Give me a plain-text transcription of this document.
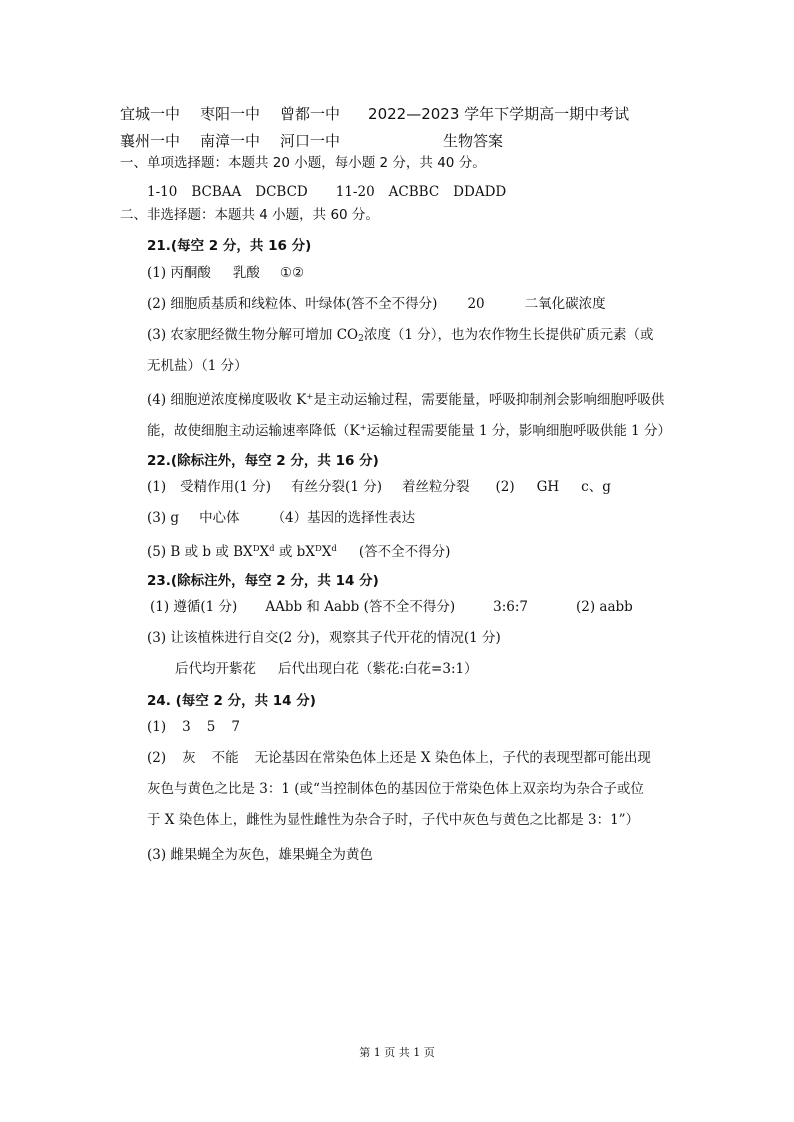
宜城一中 枣阳一中 曾都一中 2022—2023 学年下学期高一期中考试
襄州一中 南漳一中 河口一中	生物答案
一、单项选择题：本题共 20 小题，每小题 2 分，共 40 分。
1-10 BCBAA DCBCD 11-20 ACBBC DDADD
二、非选择题：本题共 4 小题，共 60 分。
21.(每空 2 分，共 16 分)
(1) 丙酮酸 乳酸 ①②
(2) 细胞质基质和线粒体、叶绿体(答不全不得分) 20	二氧化碳浓度
(3) 农家肥经微生物分解可增加 $CO_2$浓度（1 分），也为农作物生长提供矿质元素（或
无机盐）（1 分）
(4) 细胞逆浓度梯度吸收 K+是主动运输过程，需要能量，呼吸抑制剂会影响细胞呼吸供
能，故使细胞主动运输速率降低（K+运输过程需要能量 1 分，影响细胞呼吸供能 1 分）
22.(除标注外，每空 2 分，共 16 分)
(1) 受精作用(1 分) 有丝分裂(1 分) 着丝粒分裂 (2) GH c、g
(3) g 中心体 （4）基因的选择性表达
(5) B 或 b 或 $BX^DX^d$ 或 $bX^DX^d$ (答不全不得分)
23.(除标注外，每空 2 分，共 14 分)
(1) 遵循(1 分) AAbb 和 Aabb (答不全不得分)	3:6:7	(2) aabb
(3) 让该植株进行自交(2 分)，观察其子代开花的情况(1 分)
后代均开紫花 后代出现白花（紫花:白花=3:1）
24. (每空 2 分，共 14 分)
(1) 3 5 7
(2) 灰 不能 无论基因在常染色体上还是 X 染色体上，子代的表现型都可能出现
灰色与黄色之比是 3：1 (或“当控制体色的基因位于常染色体上双亲均为杂合子或位
于 X 染色体上，雌性为显性雌性为杂合子时，子代中灰色与黄色之比都是 3：1”）
(3) 雌果蝇全为灰色，雄果蝇全为黄色
第 1 页 共 1 页
